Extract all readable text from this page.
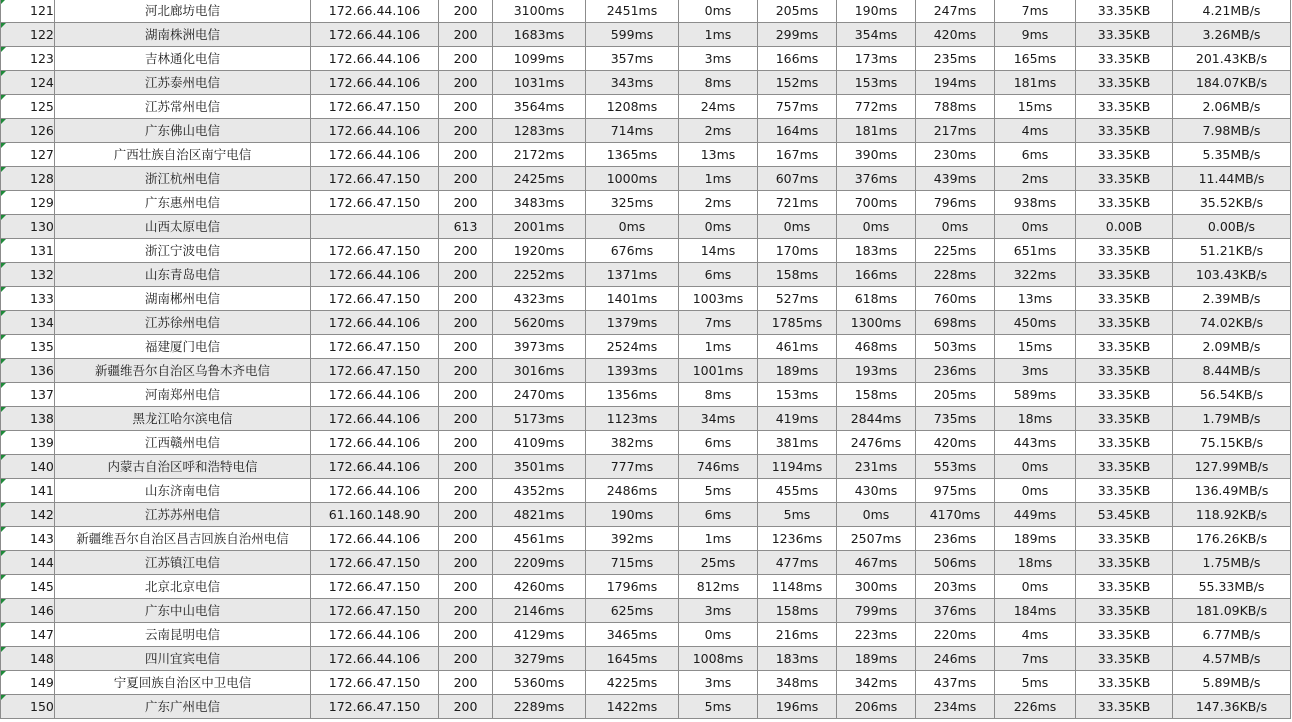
121	河北廊坊电信	172.66.44.106	200	3100ms	2451ms	0ms	205ms	190ms	247ms	7ms	33.35KB	4.21MB/s
122	湖南株洲电信	172.66.44.106	200	1683ms	599ms	1ms	299ms	354ms	420ms	9ms	33.35KB	3.26MB/s
123	吉林通化电信	172.66.44.106	200	1099ms	357ms	3ms	166ms	173ms	235ms	165ms	33.35KB	201.43KB/s
124	江苏泰州电信	172.66.44.106	200	1031ms	343ms	8ms	152ms	153ms	194ms	181ms	33.35KB	184.07KB/s
125	江苏常州电信	172.66.47.150	200	3564ms	1208ms	24ms	757ms	772ms	788ms	15ms	33.35KB	2.06MB/s
126	广东佛山电信	172.66.44.106	200	1283ms	714ms	2ms	164ms	181ms	217ms	4ms	33.35KB	7.98MB/s
127	广西壮族自治区南宁电信	172.66.44.106	200	2172ms	1365ms	13ms	167ms	390ms	230ms	6ms	33.35KB	5.35MB/s
128	浙江杭州电信	172.66.47.150	200	2425ms	1000ms	1ms	607ms	376ms	439ms	2ms	33.35KB	11.44MB/s
129	广东惠州电信	172.66.47.150	200	3483ms	325ms	2ms	721ms	700ms	796ms	938ms	33.35KB	35.52KB/s
130	山西太原电信		613	2001ms	0ms	0ms	0ms	0ms	0ms	0ms	0.00B	0.00B/s
131	浙江宁波电信	172.66.47.150	200	1920ms	676ms	14ms	170ms	183ms	225ms	651ms	33.35KB	51.21KB/s
132	山东青岛电信	172.66.44.106	200	2252ms	1371ms	6ms	158ms	166ms	228ms	322ms	33.35KB	103.43KB/s
133	湖南郴州电信	172.66.47.150	200	4323ms	1401ms	1003ms	527ms	618ms	760ms	13ms	33.35KB	2.39MB/s
134	江苏徐州电信	172.66.44.106	200	5620ms	1379ms	7ms	1785ms	1300ms	698ms	450ms	33.35KB	74.02KB/s
135	福建厦门电信	172.66.47.150	200	3973ms	2524ms	1ms	461ms	468ms	503ms	15ms	33.35KB	2.09MB/s
136	新疆维吾尔自治区乌鲁木齐电信	172.66.47.150	200	3016ms	1393ms	1001ms	189ms	193ms	236ms	3ms	33.35KB	8.44MB/s
137	河南郑州电信	172.66.44.106	200	2470ms	1356ms	8ms	153ms	158ms	205ms	589ms	33.35KB	56.54KB/s
138	黑龙江哈尔滨电信	172.66.44.106	200	5173ms	1123ms	34ms	419ms	2844ms	735ms	18ms	33.35KB	1.79MB/s
139	江西赣州电信	172.66.44.106	200	4109ms	382ms	6ms	381ms	2476ms	420ms	443ms	33.35KB	75.15KB/s
140	内蒙古自治区呼和浩特电信	172.66.44.106	200	3501ms	777ms	746ms	1194ms	231ms	553ms	0ms	33.35KB	127.99MB/s
141	山东济南电信	172.66.44.106	200	4352ms	2486ms	5ms	455ms	430ms	975ms	0ms	33.35KB	136.49MB/s
142	江苏苏州电信	61.160.148.90	200	4821ms	190ms	6ms	5ms	0ms	4170ms	449ms	53.45KB	118.92KB/s
143	新疆维吾尔自治区昌吉回族自治州电信	172.66.44.106	200	4561ms	392ms	1ms	1236ms	2507ms	236ms	189ms	33.35KB	176.26KB/s
144	江苏镇江电信	172.66.47.150	200	2209ms	715ms	25ms	477ms	467ms	506ms	18ms	33.35KB	1.75MB/s
145	北京北京电信	172.66.47.150	200	4260ms	1796ms	812ms	1148ms	300ms	203ms	0ms	33.35KB	55.33MB/s
146	广东中山电信	172.66.47.150	200	2146ms	625ms	3ms	158ms	799ms	376ms	184ms	33.35KB	181.09KB/s
147	云南昆明电信	172.66.44.106	200	4129ms	3465ms	0ms	216ms	223ms	220ms	4ms	33.35KB	6.77MB/s
148	四川宜宾电信	172.66.44.106	200	3279ms	1645ms	1008ms	183ms	189ms	246ms	7ms	33.35KB	4.57MB/s
149	宁夏回族自治区中卫电信	172.66.47.150	200	5360ms	4225ms	3ms	348ms	342ms	437ms	5ms	33.35KB	5.89MB/s
150	广东广州电信	172.66.47.150	200	2289ms	1422ms	5ms	196ms	206ms	234ms	226ms	33.35KB	147.36KB/s
